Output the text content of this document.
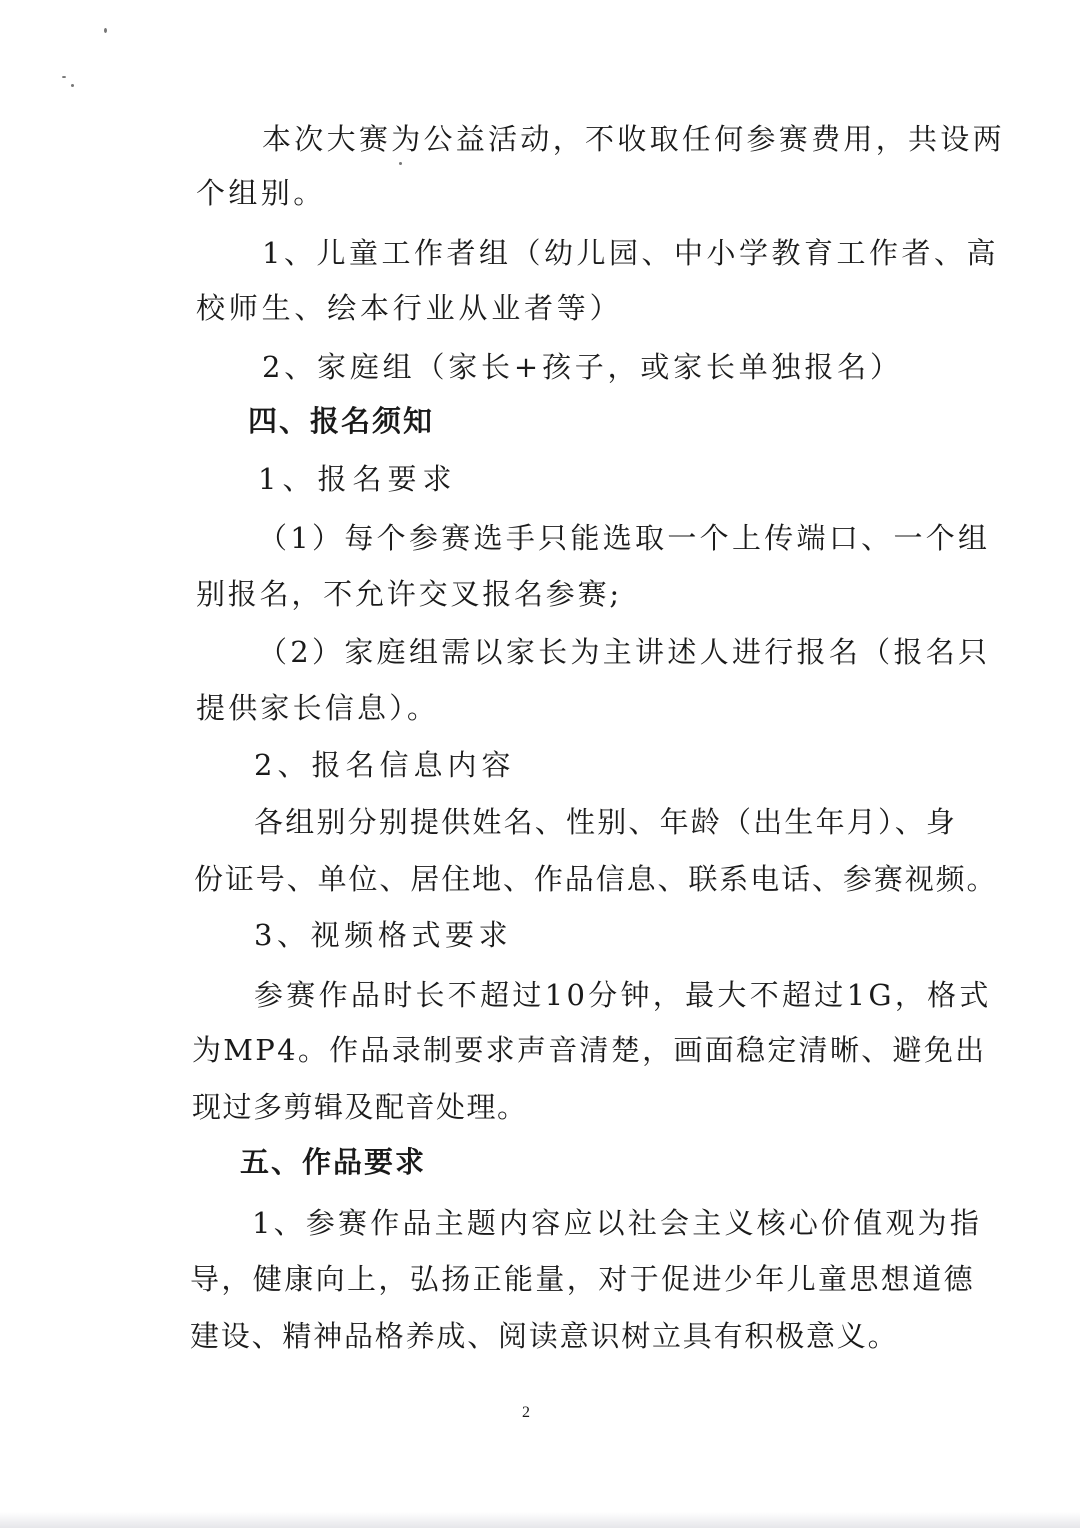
本次大赛为公益活动，不收取任何参赛费用，共设两
个组别。
1、儿童工作者组（幼儿园、中小学教育工作者、高
校师生、绘本行业从业者等）
2、家庭组（家长+孩子，或家长单独报名）
四、报名须知
1、报名要求
（1）每个参赛选手只能选取一个上传端口、一个组
别报名，不允许交叉报名参赛;
（2）家庭组需以家长为主讲述人进行报名（报名只
提供家长信息）。
2、报名信息内容
各组别分别提供姓名、性别、年龄（出生年月）、身
份证号、单位、居住地、作品信息、联系电话、参赛视频。
3、视频格式要求
参赛作品时长不超过10分钟，最大不超过1G，格式
为MP4。作品录制要求声音清楚，画面稳定清晰、避免出
现过多剪辑及配音处理。
五、作品要求
1、参赛作品主题内容应以社会主义核心价值观为指
导，健康向上，弘扬正能量，对于促进少年儿童思想道德
建设、精神品格养成、阅读意识树立具有积极意义。
2
